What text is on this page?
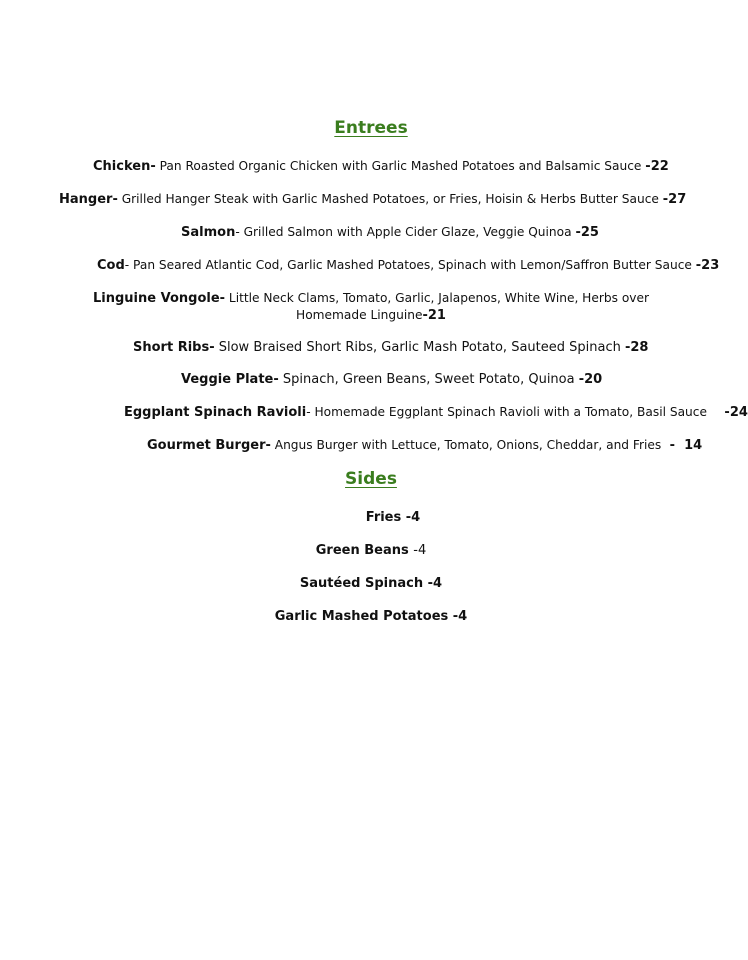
Entrees

Chicken- Pan Roasted Organic Chicken with Garlic Mashed Potatoes and Balsamic Sauce -22

Hanger- Grilled Hanger Steak with Garlic Mashed Potatoes, or Fries, Hoisin & Herbs Butter Sauce -27

Salmon- Grilled Salmon with Apple Cider Glaze, Veggie Quinoa -25

Cod- Pan Seared Atlantic Cod, Garlic Mashed Potatoes, Spinach with Lemon/Saffron Butter Sauce -23

Linguine Vongole- Little Neck Clams, Tomato, Garlic, Jalapenos, White Wine, Herbs over Homemade Linguine-21

Short Ribs- Slow Braised Short Ribs, Garlic Mash Potato, Sauteed Spinach -28

Veggie Plate- Spinach, Green Beans, Sweet Potato, Quinoa -20

Eggplant Spinach Ravioli- Homemade Eggplant Spinach Ravioli with a Tomato, Basil Sauce    -24

Gourmet Burger- Angus Burger with Lettuce, Tomato, Onions, Cheddar, and Fries  -  14

Sides

Fries -4

Green Beans -4

Sautéed Spinach -4

Garlic Mashed Potatoes -4
